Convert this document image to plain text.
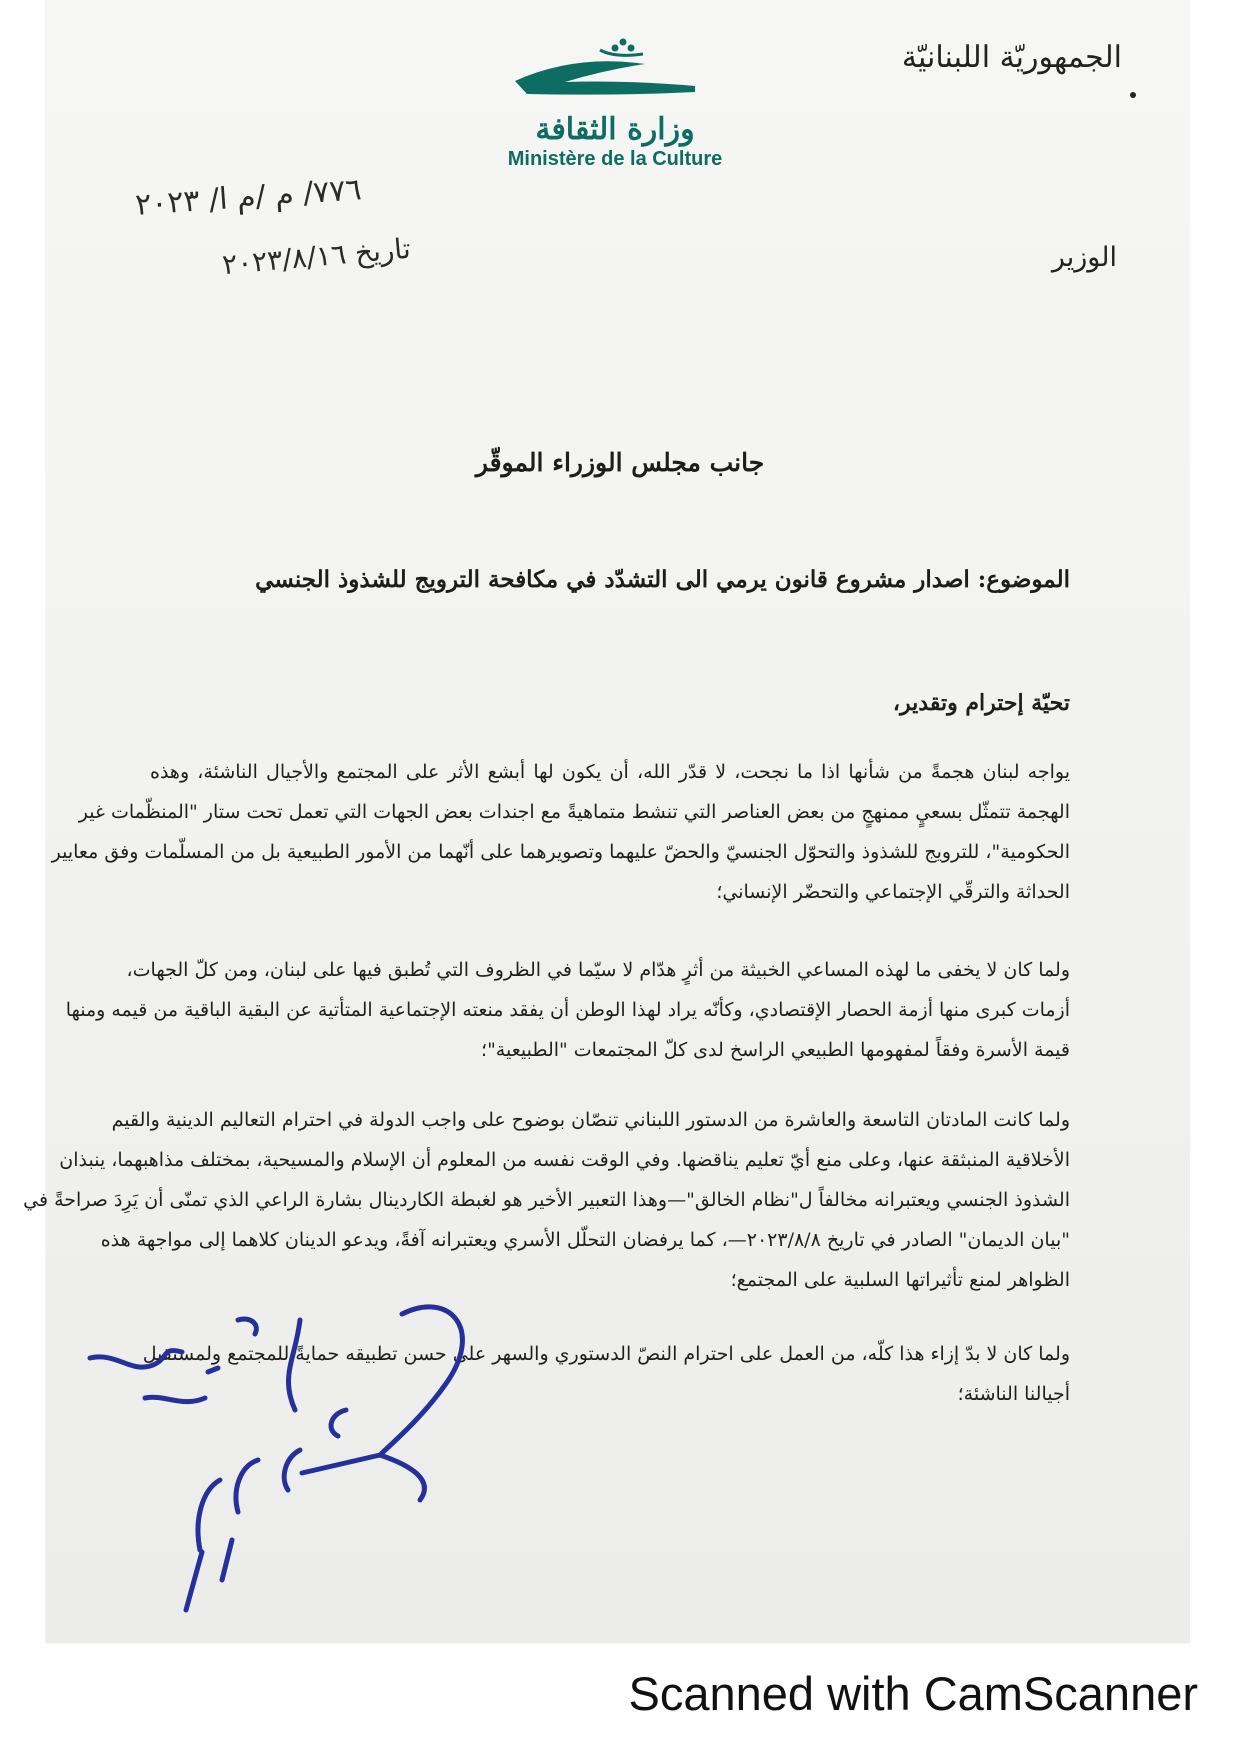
وزارة الثقافة
Ministère de la Culture
الجمهوريّة اللبنانيّة
الوزير
٧٧٦/ م /م ا/ ٢٠٢٣
تاريخ ٢٠٢٣/٨/١٦
جانب مجلس الوزراء الموقّر
الموضوع: اصدار مشروع قانون يرمي الى التشدّد في مكافحة الترويج للشذوذ الجنسي
تحيّة إحترام وتقدير،
يواجه لبنان هجمةً من شأنها اذا ما نجحت، لا قدّر الله، أن يكون لها أبشع الأثر على المجتمع والأجيال الناشئة، وهذه
الهجمة تتمثّل بسعيٍ ممنهجٍ من بعض العناصر التي تنشط متماهيةً مع اجندات بعض الجهات التي تعمل تحت ستار "المنظّمات غير
الحكومية"، للترويج للشذوذ والتحوّل الجنسيّ والحضّ عليهما وتصويرهما على أنّهما من الأمور الطبيعية بل من المسلّمات وفق معايير
الحداثة والترقّي الإجتماعي والتحضّر الإنساني؛
ولما كان لا يخفى ما لهذه المساعي الخبيثة من أثرٍ هدّام لا سيّما في الظروف التي تُطبق فيها على لبنان، ومن كلّ الجهات،
أزمات كبرى منها أزمة الحصار الإقتصادي، وكأنّه يراد لهذا الوطن أن يفقد منعته الإجتماعية المتأتية عن البقية الباقية من قيمه ومنها
قيمة الأسرة وفقاً لمفهومها الطبيعي الراسخ لدى كلّ المجتمعات "الطبيعية"؛
ولما كانت المادتان التاسعة والعاشرة من الدستور اللبناني تنصّان بوضوح على واجب الدولة في احترام التعاليم الدينية والقيم
الأخلاقية المنبثقة عنها، وعلى منع أيّ تعليم يناقضها. وفي الوقت نفسه من المعلوم أن الإسلام والمسيحية، بمختلف مذاهبهما، ينبذان
الشذوذ الجنسي ويعتبرانه مخالفاً ل"نظام الخالق"—وهذا التعبير الأخير هو لغبطة الكاردينال بشارة الراعي الذي تمنّى أن يَرِدَ صراحةً في
"بيان الديمان" الصادر في تاريخ ٢٠٢٣/٨/٨—، كما يرفضان التحلّل الأسري ويعتبرانه آفةً، ويدعو الدينان كلاهما إلى مواجهة هذه
الظواهر لمنع تأثيراتها السلبية على المجتمع؛
ولما كان لا بدّ إزاء هذا كلّه، من العمل على احترام النصّ الدستوري والسهر على حسن تطبيقه حمايةً للمجتمع ولمستقبل
أجيالنا الناشئة؛
Scanned with CamScanner
